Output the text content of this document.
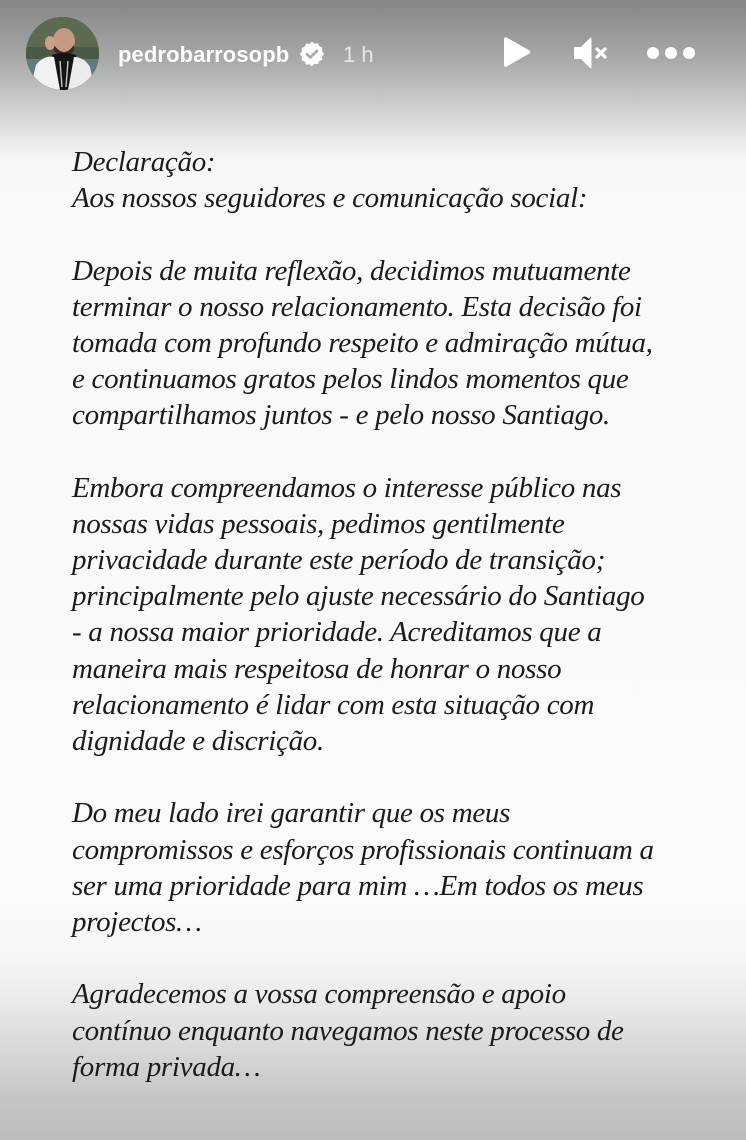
pedrobarrosopb 1 h
Declaração:
Aos nossos seguidores e comunicação social:
Depois de muita reflexão, decidimos mutuamente
terminar o nosso relacionamento. Esta decisão foi
tomada com profundo respeito e admiração mútua,
e continuamos gratos pelos lindos momentos que
compartilhamos juntos - e pelo nosso Santiago.
Embora compreendamos o interesse público nas
nossas vidas pessoais, pedimos gentilmente
privacidade durante este período de transição;
principalmente pelo ajuste necessário do Santiago
- a nossa maior prioridade. Acreditamos que a
maneira mais respeitosa de honrar o nosso
relacionamento é lidar com esta situação com
dignidade e discrição.
Do meu lado irei garantir que os meus
compromissos e esforços profissionais continuam a
ser uma prioridade para mim …Em todos os meus
projectos…
Agradecemos a vossa compreensão e apoio
contínuo enquanto navegamos neste processo de
forma privada…
